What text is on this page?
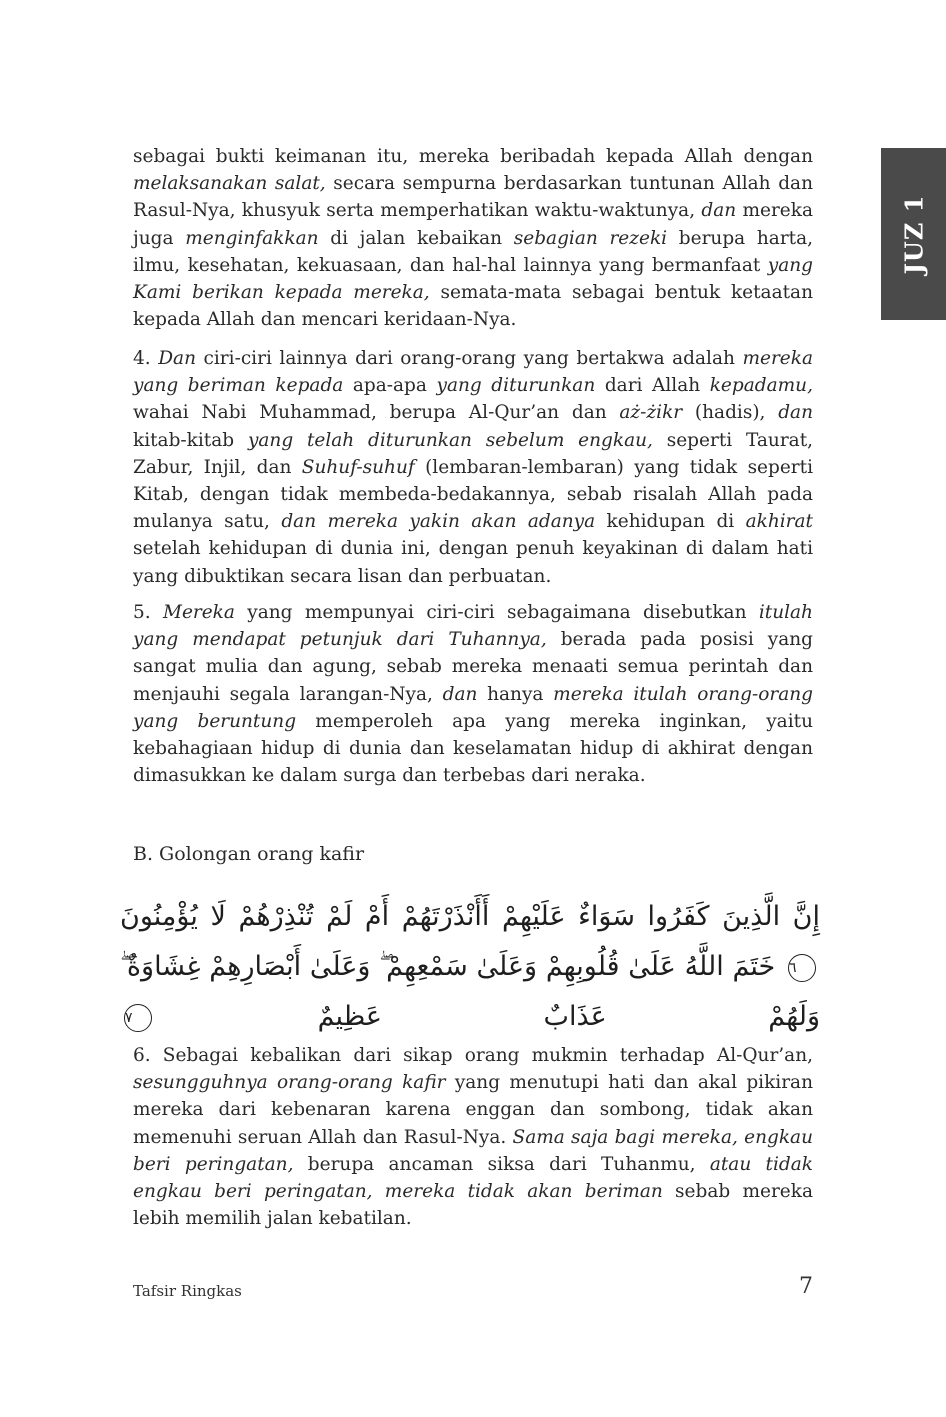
JUZ 1

sebagai bukti keimanan itu, mereka beribadah kepada Allah dengan melaksanakan salat, secara sempurna berdasarkan tuntunan Allah dan Rasul-Nya, khusyuk serta memperhatikan waktu-waktunya, dan mereka juga menginfakkan di jalan kebaikan sebagian rezeki berupa harta, ilmu, kesehatan, kekuasaan, dan hal-hal lainnya yang bermanfaat yang Kami berikan kepada mereka, semata-mata sebagai bentuk ketaatan kepada Allah dan mencari keridaan-Nya.

4. Dan ciri-ciri lainnya dari orang-orang yang bertakwa adalah mereka yang beriman kepada apa-apa yang diturunkan dari Allah kepadamu, wahai Nabi Muhammad, berupa Al-Qur’an dan aż-żikr (hadis), dan kitab-kitab yang telah diturunkan sebelum engkau, seperti Taurat, Zabur, Injil, dan Suhuf-suhuf (lembaran-lembaran) yang tidak seperti Kitab, dengan tidak membeda-bedakannya, sebab risalah Allah pada mulanya satu, dan mereka yakin akan adanya kehidupan di akhirat setelah kehidupan di dunia ini, dengan penuh keyakinan di dalam hati yang dibuktikan secara lisan dan perbuatan.

5. Mereka yang mempunyai ciri-ciri sebagaimana disebutkan itulah yang mendapat petunjuk dari Tuhannya, berada pada posisi yang sangat mulia dan agung, sebab mereka menaati semua perintah dan menjauhi segala larangan-Nya, dan hanya mereka itulah orang-orang yang beruntung memperoleh apa yang mereka inginkan, yaitu kebahagiaan hidup di dunia dan keselamatan hidup di akhirat dengan dimasukkan ke dalam surga dan terbebas dari neraka.

B. Golongan orang kafir
إِنَّ الَّذِينَ كَفَرُوا سَوَاءٌ عَلَيْهِمْ أَأَنْذَرْتَهُمْ أَمْ لَمْ تُنْذِرْهُمْ لَا يُؤْمِنُونَ ٦ خَتَمَ اللَّهُ عَلَىٰ قُلُوبِهِمْ وَعَلَىٰ سَمْعِهِمْ ۖ وَعَلَىٰ أَبْصَارِهِمْ غِشَاوَةٌ ۖ وَلَهُمْ عَذَابٌ عَظِيمٌ ٧

6. Sebagai kebalikan dari sikap orang mukmin terhadap Al-Qur’an, sesungguhnya orang-orang kafir yang menutupi hati dan akal pikiran mereka dari kebenaran karena enggan dan sombong, tidak akan memenuhi seruan Allah dan Rasul-Nya. Sama saja bagi mereka, engkau beri peringatan, berupa ancaman siksa dari Tuhanmu, atau tidak engkau beri peringatan, mereka tidak akan beriman sebab mereka lebih memilih jalan kebatilan.

Tafsir Ringkas	7
